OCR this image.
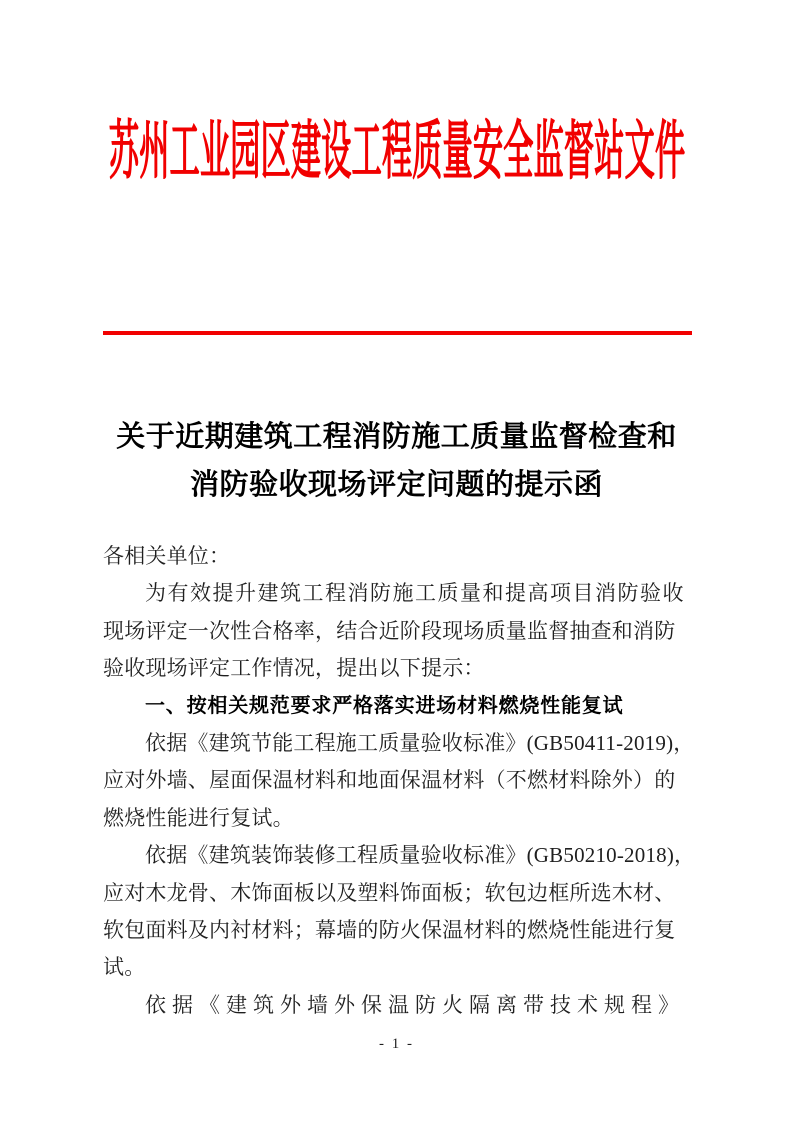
苏州工业园区建设工程质量安全监督站文件
关于近期建筑工程消防施工质量监督检查和
消防验收现场评定问题的提示函
各相关单位：
为有效提升建筑工程消防施工质量和提高项目消防验收
现场评定一次性合格率，结合近阶段现场质量监督抽查和消防
验收现场评定工作情况，提出以下提示：
一、按相关规范要求严格落实进场材料燃烧性能复试
依据《建筑节能工程施工质量验收标准》(GB50411-2019)，
应对外墙、屋面保温材料和地面保温材料（不燃材料除外）的
燃烧性能进行复试。
依据《建筑装饰装修工程质量验收标准》(GB50210-2018)，
应对木龙骨、木饰面板以及塑料饰面板；软包边框所选木材、
软包面料及内衬材料；幕墙的防火保温材料的燃烧性能进行复
试。
依据《建筑外墙外保温防火隔离带技术规程》
- 1 -
